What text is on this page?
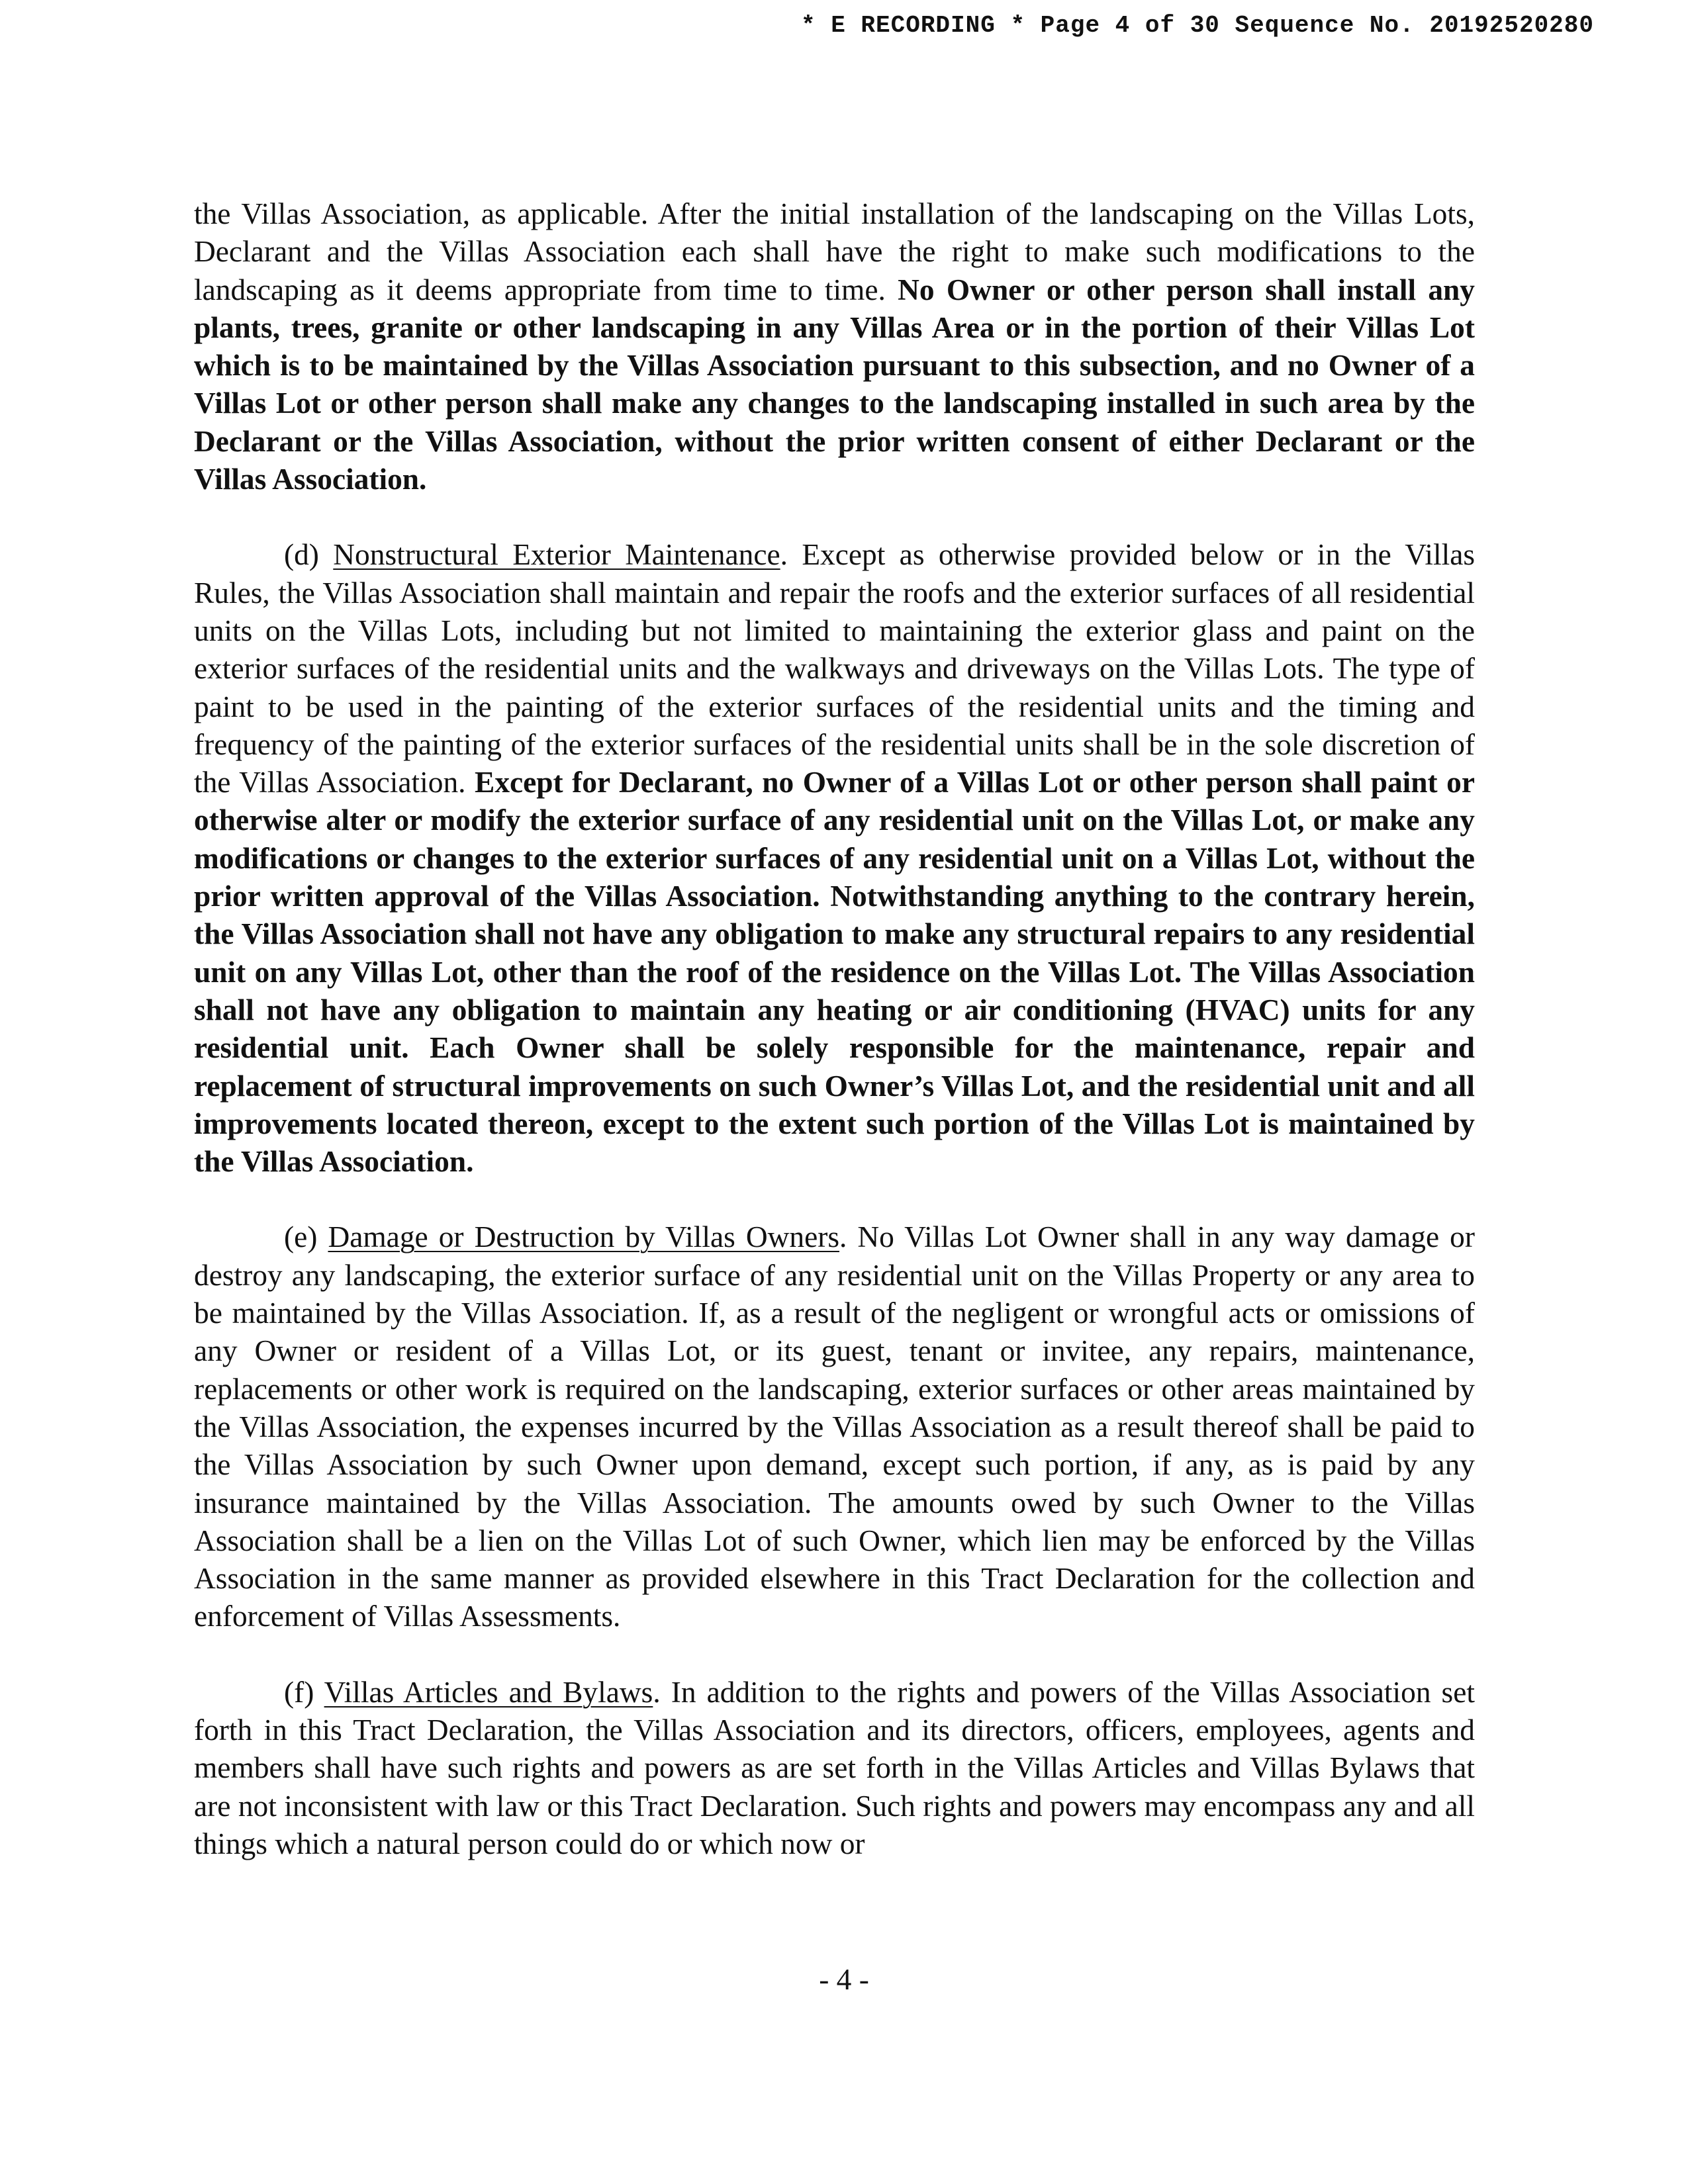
* E RECORDING * Page 4 of 30 Sequence No. 20192520280

the Villas Association, as applicable. After the initial installation of the landscaping on the Villas Lots, Declarant and the Villas Association each shall have the right to make such modifications to the landscaping as it deems appropriate from time to time. No Owner or other person shall install any plants, trees, granite or other landscaping in any Villas Area or in the portion of their Villas Lot which is to be maintained by the Villas Association pursuant to this subsection, and no Owner of a Villas Lot or other person shall make any changes to the landscaping installed in such area by the Declarant or the Villas Association, without the prior written consent of either Declarant or the Villas Association.

(d) Nonstructural Exterior Maintenance. Except as otherwise provided below or in the Villas Rules, the Villas Association shall maintain and repair the roofs and the exterior surfaces of all residential units on the Villas Lots, including but not limited to maintaining the exterior glass and paint on the exterior surfaces of the residential units and the walkways and driveways on the Villas Lots. The type of paint to be used in the painting of the exterior surfaces of the residential units and the timing and frequency of the painting of the exterior surfaces of the residential units shall be in the sole discretion of the Villas Association. Except for Declarant, no Owner of a Villas Lot or other person shall paint or otherwise alter or modify the exterior surface of any residential unit on the Villas Lot, or make any modifications or changes to the exterior surfaces of any residential unit on a Villas Lot, without the prior written approval of the Villas Association. Notwithstanding anything to the contrary herein, the Villas Association shall not have any obligation to make any structural repairs to any residential unit on any Villas Lot, other than the roof of the residence on the Villas Lot. The Villas Association shall not have any obligation to maintain any heating or air conditioning (HVAC) units for any residential unit. Each Owner shall be solely responsible for the maintenance, repair and replacement of structural improvements on such Owner’s Villas Lot, and the residential unit and all improvements located thereon, except to the extent such portion of the Villas Lot is maintained by the Villas Association.

(e) Damage or Destruction by Villas Owners. No Villas Lot Owner shall in any way damage or destroy any landscaping, the exterior surface of any residential unit on the Villas Property or any area to be maintained by the Villas Association. If, as a result of the negligent or wrongful acts or omissions of any Owner or resident of a Villas Lot, or its guest, tenant or invitee, any repairs, maintenance, replacements or other work is required on the landscaping, exterior surfaces or other areas maintained by the Villas Association, the expenses incurred by the Villas Association as a result thereof shall be paid to the Villas Association by such Owner upon demand, except such portion, if any, as is paid by any insurance maintained by the Villas Association. The amounts owed by such Owner to the Villas Association shall be a lien on the Villas Lot of such Owner, which lien may be enforced by the Villas Association in the same manner as provided elsewhere in this Tract Declaration for the collection and enforcement of Villas Assessments.

(f) Villas Articles and Bylaws. In addition to the rights and powers of the Villas Association set forth in this Tract Declaration, the Villas Association and its directors, officers, employees, agents and members shall have such rights and powers as are set forth in the Villas Articles and Villas Bylaws that are not inconsistent with law or this Tract Declaration. Such rights and powers may encompass any and all things which a natural person could do or which now or

- 4 -
